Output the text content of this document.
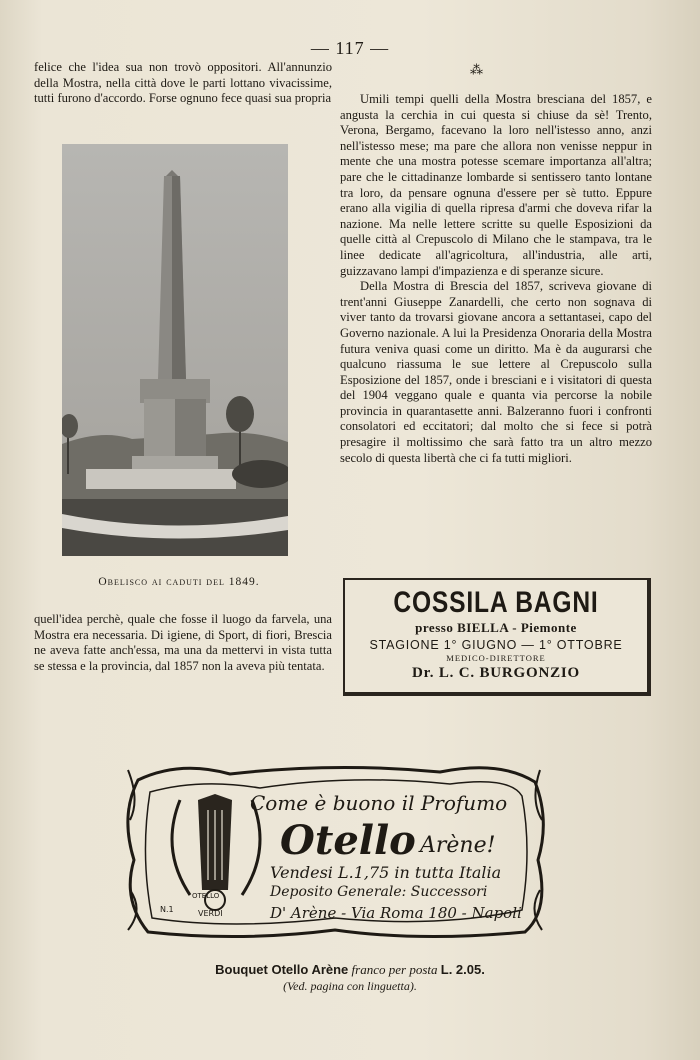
— 117 —

felice che l'idea sua non trovò oppositori. All'annunzio della Mostra, nella città dove le parti lottano vivacissime, tutti furono d'accordo. Forse ognuno fece quasi sua propria

Obelisco ai caduti del 1849.

quell'idea perchè, quale che fosse il luogo da farvela, una Mostra era necessaria. Di igiene, di Sport, di fiori, Brescia ne aveva fatte anch'essa, ma una da mettervi in vista tutta se stessa e la provincia, dal 1857 non la aveva più tentata.

⁂

Umili tempi quelli della Mostra bresciana del 1857, e angusta la cerchia in cui questa si chiuse da sè! Trento, Verona, Bergamo, facevano la loro nell'istesso anno, anzi nell'istesso mese; ma pare che allora non venisse neppur in mente che una mostra potesse scemare importanza all'altra; pare che le cittadinanze lombarde si sentissero tanto lontane tra loro, da pensare ognuna d'essere per sè tutto. Eppure erano alla vigilia di quella ripresa d'armi che doveva rifar la nazione. Ma nelle lettere scritte su quelle Esposizioni da quelle città al Crepuscolo di Milano che le stampava, tra le linee dedicate all'agricoltura, all'industria, alle arti, guizzavano lampi d'impazienza e di speranze sicure.

Della Mostra di Brescia del 1857, scriveva giovane di trent'anni Giuseppe Zanardelli, che certo non sognava di viver tanto da trovarsi giovane ancora a settantasei, capo del Governo nazionale. A lui la Presidenza Onoraria della Mostra futura veniva quasi come un diritto. Ma è da augurarsi che qualcuno riassuma le sue lettere al Crepuscolo sulla Esposizione del 1857, onde i bresciani e i visitatori di questa del 1904 veggano quale e quanta via percorse la nobile provincia in quarantasette anni. Balzeranno fuori i confronti consolatori ed eccitatori; dal molto che si fece si potrà presagire il moltissimo che sarà fatto tra un altro mezzo secolo di questa libertà che ci fa tutti migliori.

COSSILA BAGNI
presso BIELLA - Piemonte
STAGIONE 1° GIUGNO — 1° OTTOBRE
MEDICO-DIRETTORE
Dr. L. C. BURGONZIO
Come è buono il Profumo
Otello Arène!
Vendesi L.1,75 in tutta Italia
Deposito Generale: Successori
D' Arène - Via Roma 180 - Napoli
OTELLO
VERDI
N.1
Bouquet Otello Arène franco per posta L. 2.05.
(Ved. pagina con linguetta).
